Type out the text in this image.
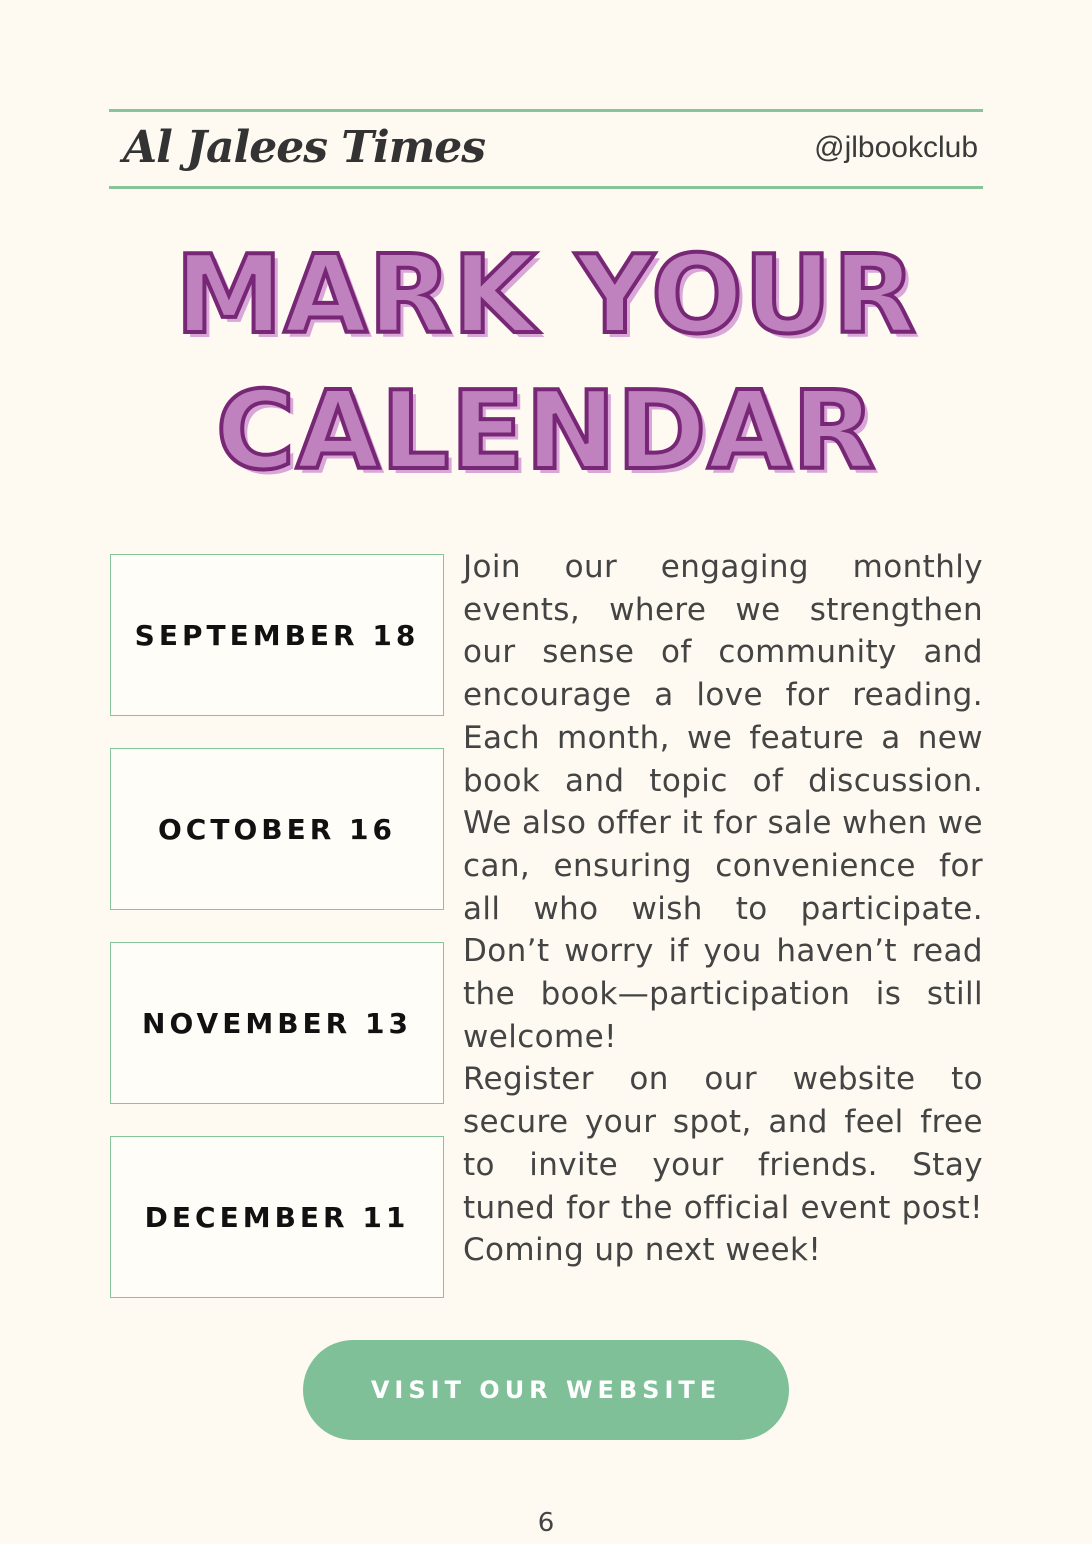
Al Jalees Times	@jlbookclub
MARK YOUR
CALENDAR
SEPTEMBER 18
OCTOBER 16
NOVEMBER 13
DECEMBER 11

Join our engaging monthly events, where we strengthen our sense of community and encourage a love for reading. Each month, we feature a new book and topic of discussion. We also offer it for sale when we can, ensuring convenience for all who wish to participate. Don’t worry if you haven’t read the book—participation is still welcome!

Register on our website to secure your spot, and feel free to invite your friends. Stay tuned for the official event post! Coming up next week!

VISIT OUR WEBSITE
6
